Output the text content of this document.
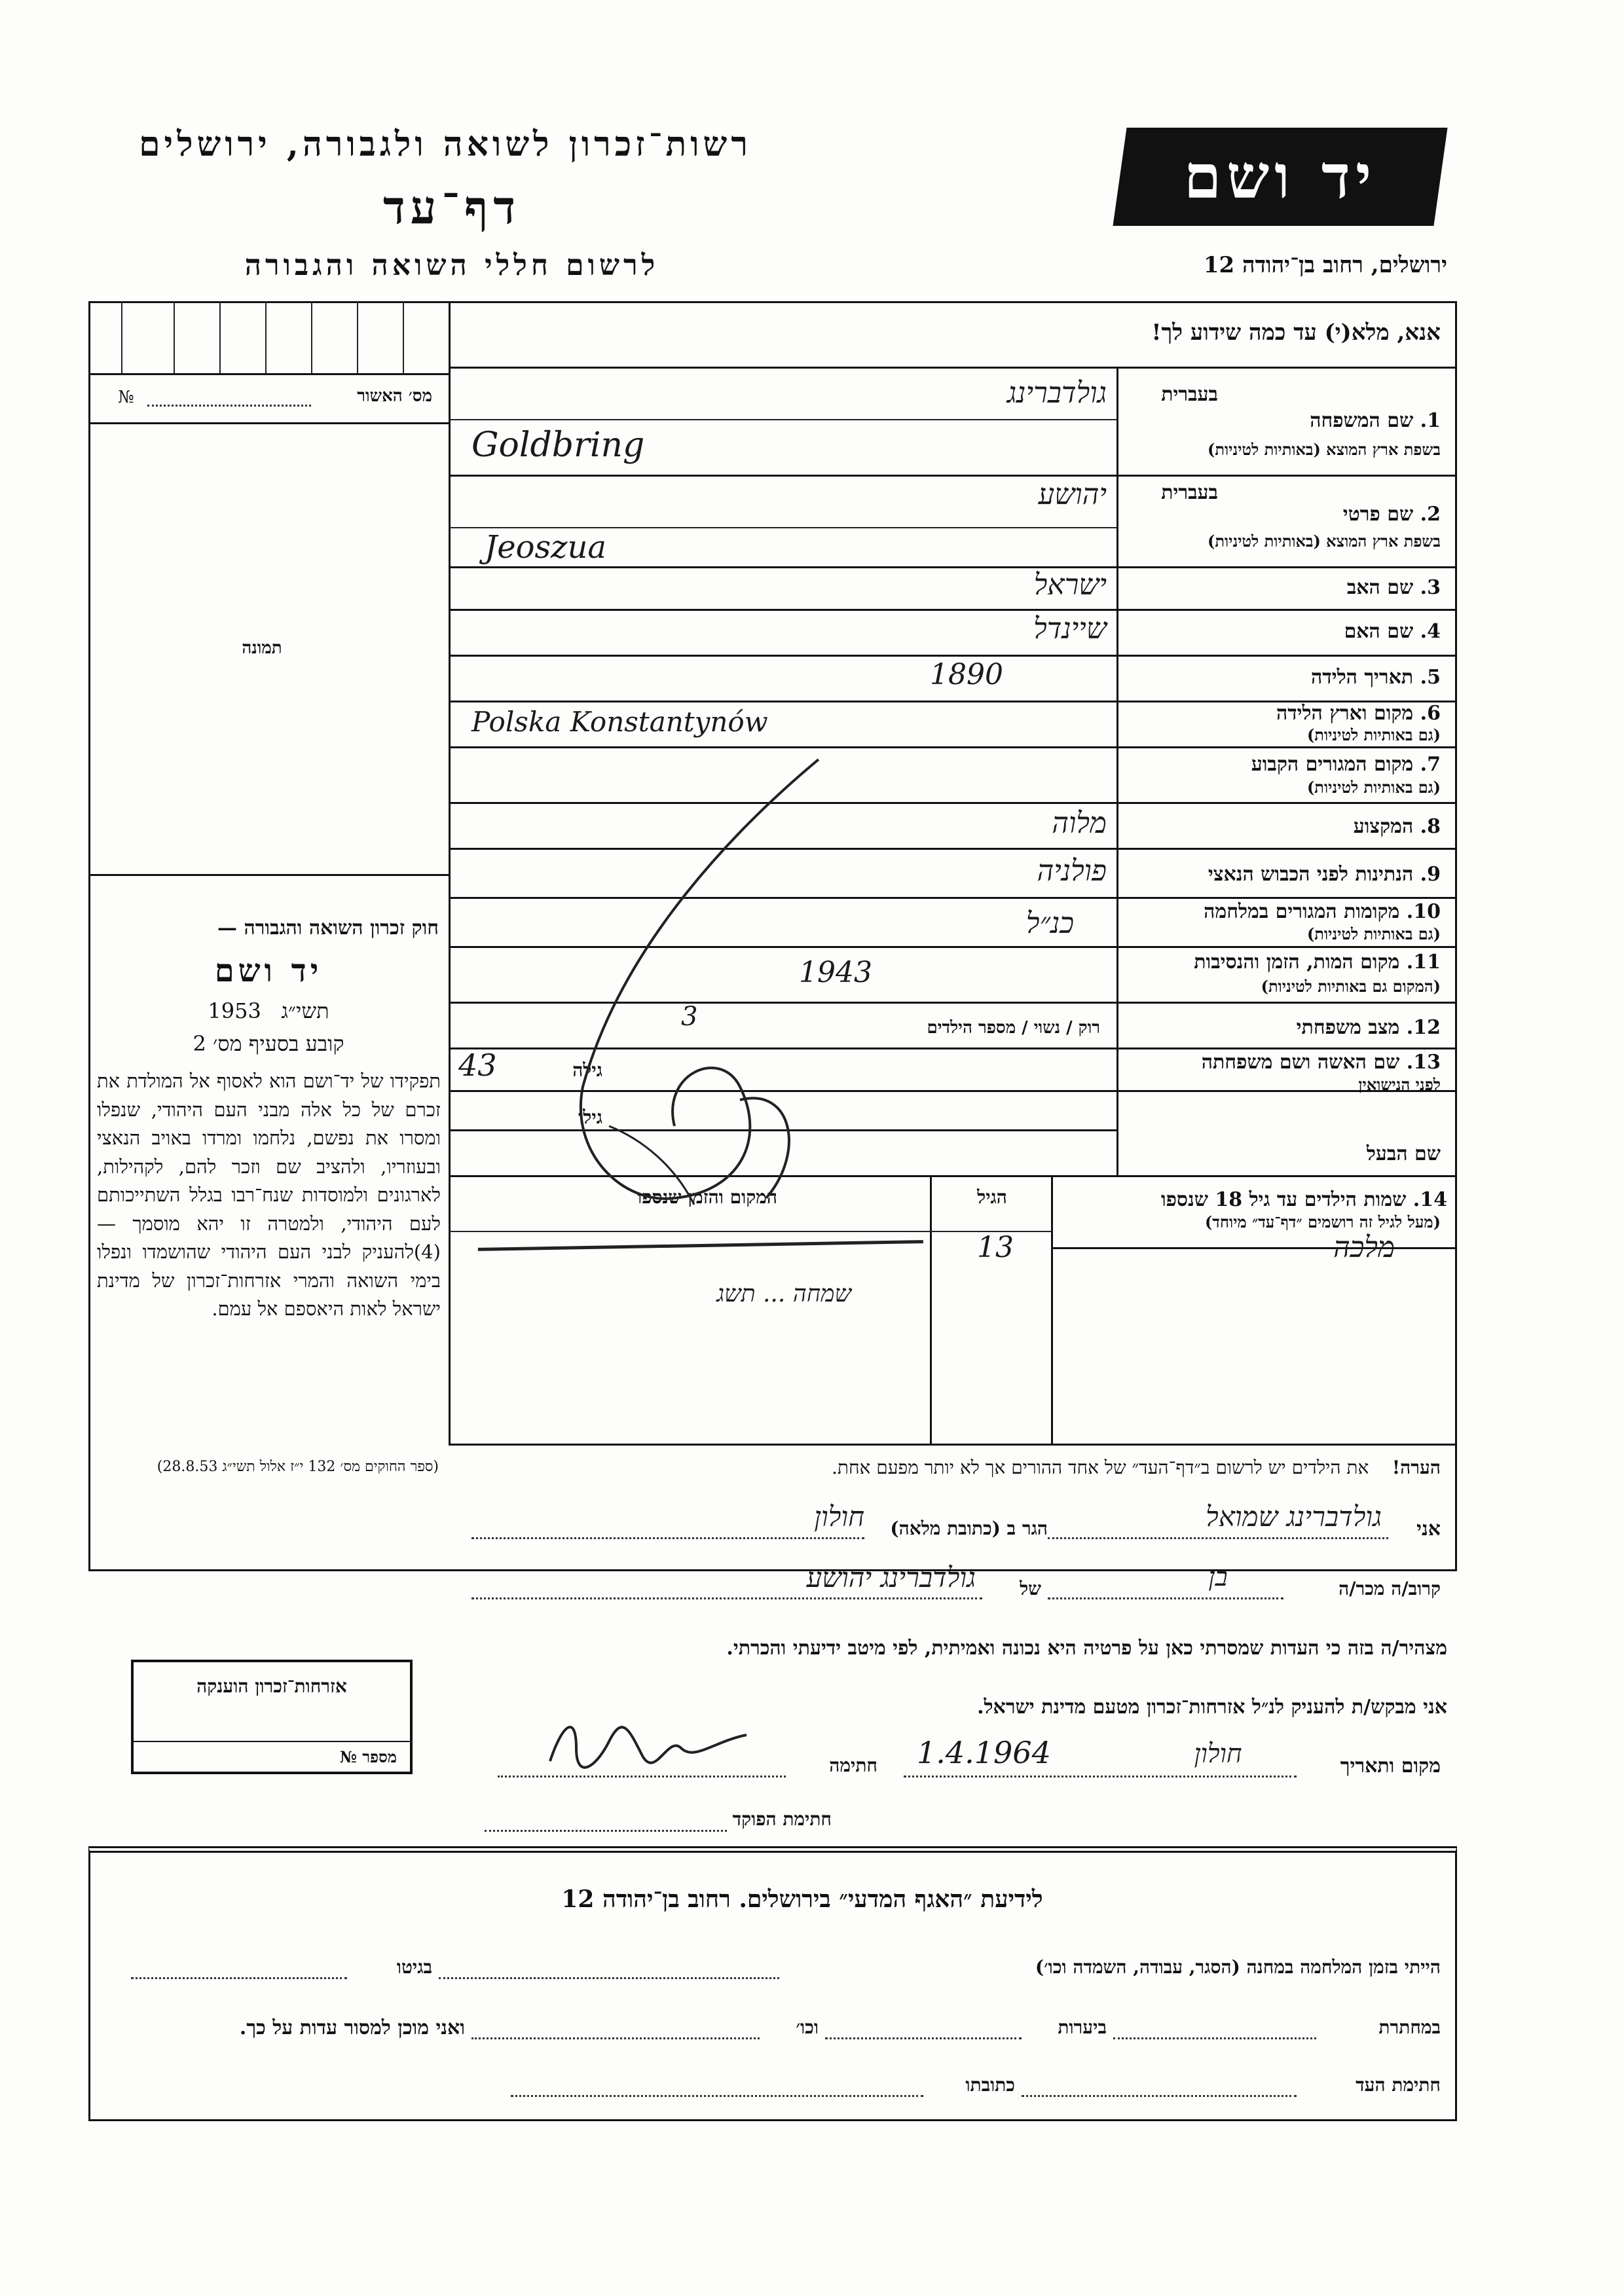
רשות־זכרון לשואה ולגבורה, ירושלים
דף־עד
לרשום חללי השואה והגבורה
יד ושם
ירושלים, רחוב בן־יהודה 12
אנא, מלא(י) עד כמה שידוע לך!
מס׳ האשור
№
תמונה
חוק זכרון השואה והגבורה —
יד ושם
1953 תשי״ג
קובע בסעיף מס׳ 2
תפקידו של יד־ושם הוא לאסוף אל המולדת את זכרם של כל אלה מבני העם היהודי, שנפלו ומסרו את נפשם, נלחמו ומרדו באויב הנאצי ובעוזריו, ולהציב שם וזכר להם, לקהילות, לארגונים ולמוסדות שנח־רבו בגלל השתייכותם לעם היהודי, ולמטרה זו יהא מוסמך — (4)להעניק לבני העם היהודי שהושמדו ונפלו בימי השואה והמרי אזרחות־זכרון של מדינת ישראל לאות היאספם אל עמם.
(ספר החוקים מס׳ 132 י״ז אלול תשי״ג 28.8.53)
בעברית
1. שם המשפחה
בשפת ארץ המוצא (באותיות לטיניות)
גולדברינג
Goldbring
בעברית
2. שם פרטי
בשפת ארץ המוצא (באותיות לטיניות)
יהושע
Jeoszua
3. שם האב
ישראל
4. שם האם
שיינדל
5. תאריך הלידה
1890
6. מקום וארץ הלידה
(גם באותיות לטיניות)
Polska Konstantynów
7. מקום המגורים הקבוע
(גם באותיות לטיניות)
8. המקצוע
מלוה
9. הנתינות לפני הכבוש הנאצי
פולניה
10. מקומות המגורים במלחמה
(גם באותיות לטיניות)
כנ״ל
11. מקום המות, הזמן והנסיבות
(המקום גם באותיות לטיניות)
1943
12. מצב משפחתי
רוק / נשוי / מספר הילדים
3
13. שם האשה ושם משפחתה
לפני הנישואין
גילה
43
שם הבעל
גילו
14. שמות הילדים עד גיל 18 שנספו
(מעל לגיל זה רושמים ״דף־עד״ מיוחד)
הגיל
המקום והזמן שנספו
מלכה
13
שמחה ... תשג
הערה!    את הילדים יש לרשום ב״דף־העד״ של אחד ההורים אך לא יותר מפעם אחת.
אני
גולדברינג שמואל
הגר ב (כתובת מלאה)
חולון
קרוב/ה מכר/ה
בן
של
גולדברינג יהושע
מצהיר/ה בזה כי העדות שמסרתי כאן על פרטיה היא נכונה ואמיתית, לפי מיטב ידיעתי והכרתי.
אזרחות־זכרון הוענקה
מספר №
אני מבקש/ת להעניק לנ״ל אזרחות־זכרון מטעם מדינת ישראל.
מקום ותאריך
חולון
1.4.1964
חתימה
חתימת הפוקד
לידיעת ״האגף המדעי״ בירושלים. רחוב בן־יהודה 12
הייתי בזמן המלחמה במחנה (הסגר, עבודה, השמדה וכו׳)
בגיטו
במחתרת
ביערות
וכו׳
ואני מוכן למסור עדות על כך.
חתימת העד
כתובתו
